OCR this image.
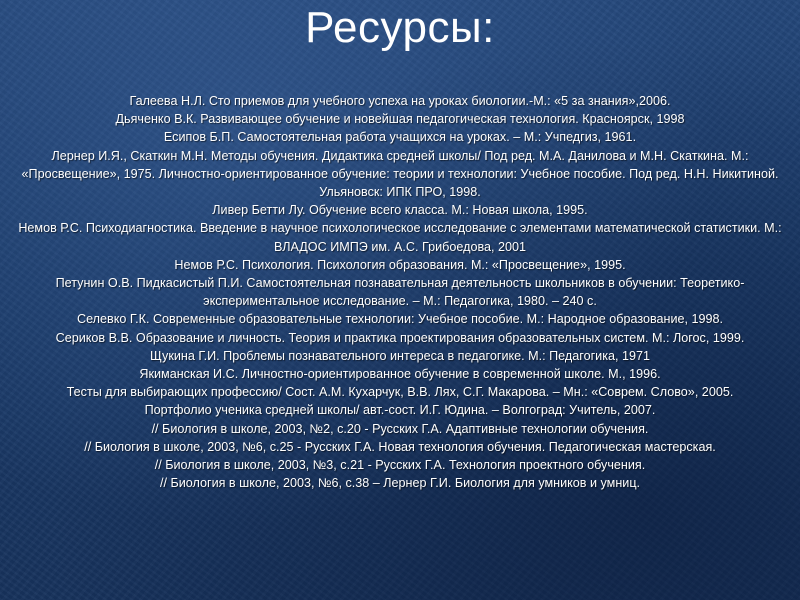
Ресурсы:
Галеева Н.Л. Сто приемов для учебного успеха на уроках биологии.-М.: «5 за знания»,2006.
Дьяченко В.К. Развивающее обучение и новейшая педагогическая технология. Красноярск, 1998
Есипов Б.П. Самостоятельная работа учащихся на уроках. – М.: Учпедгиз, 1961.
Лернер И.Я., Скаткин М.Н. Методы обучения. Дидактика средней школы/ Под ред. М.А. Данилова и М.Н. Скаткина. М.: «Просвещение», 1975. Личностно-ориентированное обучение: теории и технологии: Учебное пособие. Под ред. Н.Н. Никитиной. Ульяновск: ИПК ПРО, 1998.
Ливер Бетти Лу. Обучение всего класса. М.: Новая школа, 1995.
Немов Р.С. Психодиагностика. Введение в научное психологическое исследование с элементами математической статистики. М.: ВЛАДОС ИМПЭ им. А.С. Грибоедова, 2001
Немов Р.С. Психология. Психология образования. М.: «Просвещение», 1995.
Петунин О.В. Пидкасистый П.И. Самостоятельная познавательная деятельность школьников в обучении: Теоретико-экспериментальное исследование. – М.: Педагогика, 1980. – 240 с.
Селевко Г.К. Современные образовательные технологии: Учебное пособие. М.: Народное образование, 1998.
Сериков В.В. Образование и личность. Теория и практика проектирования образовательных систем. М.: Логос, 1999.
Щукина Г.И. Проблемы познавательного интереса в педагогике. М.: Педагогика, 1971
Якиманская И.С. Личностно-ориентированное обучение в современной школе. М., 1996.
Тесты для выбирающих профессию/ Сост. А.М. Кухарчук, В.В. Лях, С.Г. Макарова. – Мн.: «Соврем. Слово», 2005.
Портфолио ученика средней школы/ авт.-сост. И.Г. Юдина. – Волгоград: Учитель, 2007.
// Биология в школе, 2003, №2, с.20 - Русских Г.А. Адаптивные технологии обучения.
// Биология в школе, 2003, №6, с.25 - Русских Г.А. Новая технология обучения. Педагогическая мастерская.
// Биология в школе, 2003, №3, с.21 - Русских Г.А. Технология проектного обучения.
// Биология в школе, 2003, №6, с.38 – Лернер Г.И. Биология для умников и умниц.
